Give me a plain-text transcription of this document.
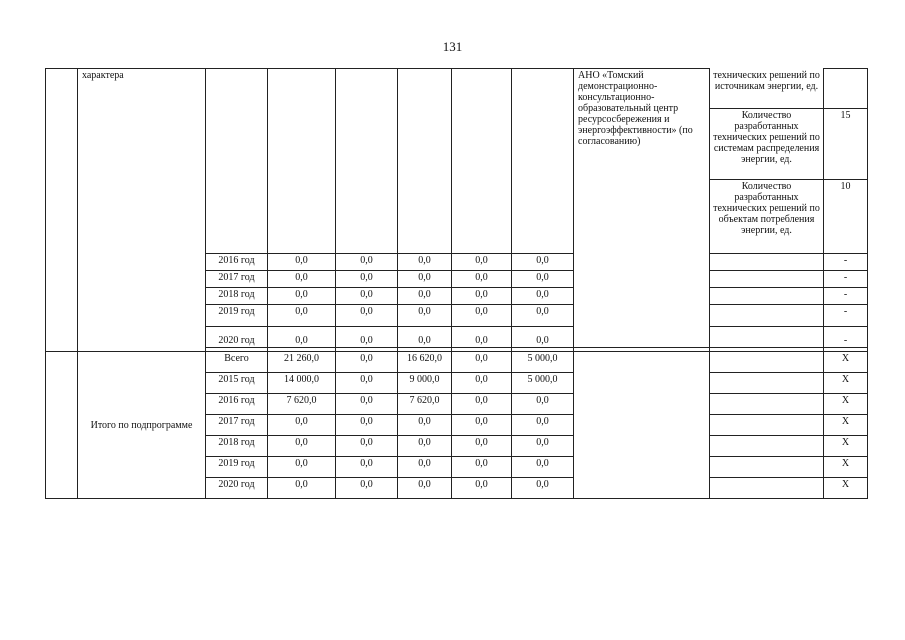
131
	характера							АНО «Томский демонстрационно-консультационно-образовательный центр ресурсосбережения и энергоэффективности» (по согласованию)	технических решений по источникам энергии, ед.	
									Количество разработанных технических решений по системам распределения энергии, ед.	15
									Количество разработанных технических решений по объектам потребления энергии, ед.	10
		2016 год	0,0	0,0	0,0	0,0	0,0			-
		2017 год	0,0	0,0	0,0	0,0	0,0			-
		2018 год	0,0	0,0	0,0	0,0	0,0			-
		2019 год	0,0	0,0	0,0	0,0	0,0			-
		2020 год	0,0	0,0	0,0	0,0	0,0			-

	Итого по подпрограмме	Всего	21 260,0	0,0	16 620,0	0,0	5 000,0			X
		2015 год	14 000,0	0,0	9 000,0	0,0	5 000,0			X
		2016 год	7 620,0	0,0	7 620,0	0,0	0,0			X
		2017 год	0,0	0,0	0,0	0,0	0,0			X
		2018 год	0,0	0,0	0,0	0,0	0,0			X
		2019 год	0,0	0,0	0,0	0,0	0,0			X
		2020 год	0,0	0,0	0,0	0,0	0,0			X
